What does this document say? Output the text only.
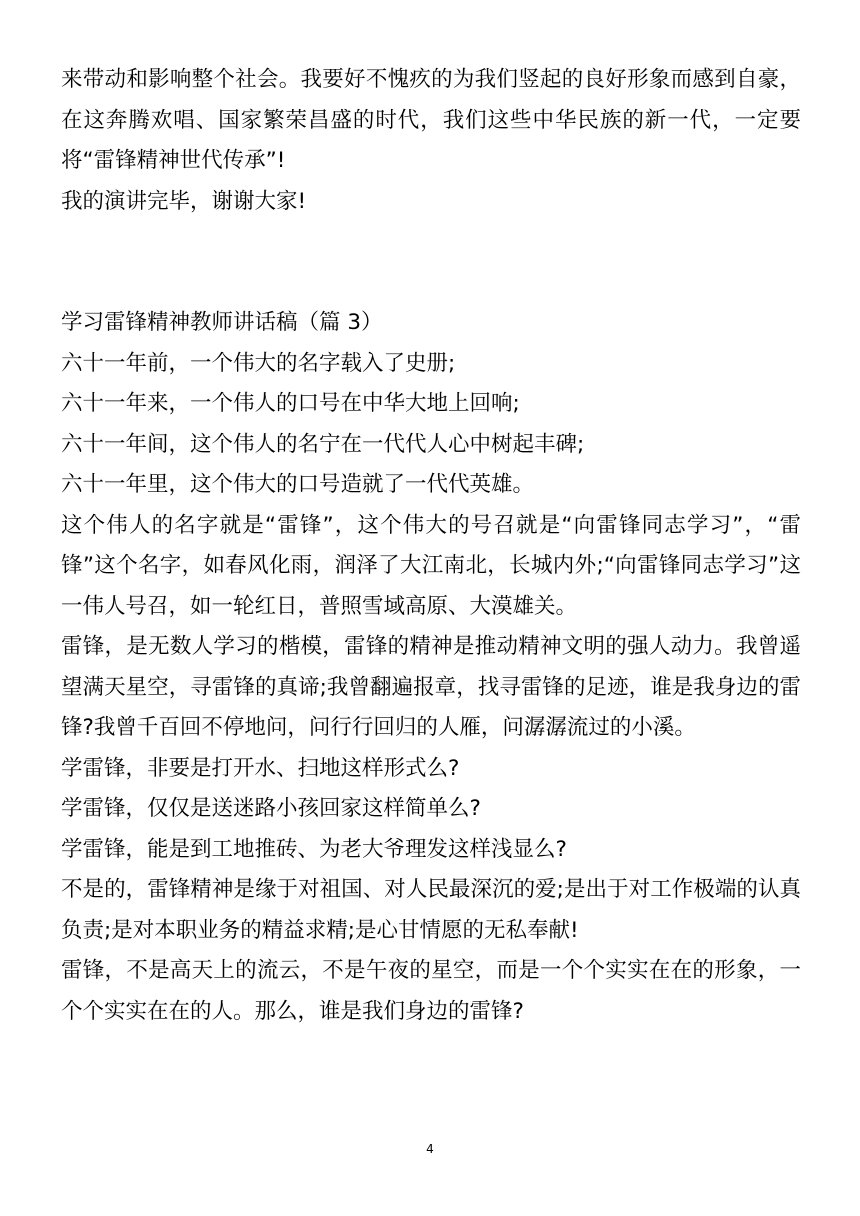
来带动和影响整个社会。我要好不愧疚的为我们竖起的良好形象而感到自豪，在这奔腾欢唱、国家繁荣昌盛的时代，我们这些中华民族的新一代，一定要将“雷锋精神世代传承”!

我的演讲完毕，谢谢大家!

学习雷锋精神教师讲话稿（篇 3）

六十一年前，一个伟大的名字载入了史册;

六十一年来，一个伟人的口号在中华大地上回响;

六十一年间，这个伟人的名宁在一代代人心中树起丰碑;

六十一年里，这个伟大的口号造就了一代代英雄。

这个伟人的名字就是“雷锋”，这个伟大的号召就是“向雷锋同志学习”，“雷锋”这个名字，如春风化雨，润泽了大江南北，长城内外;“向雷锋同志学习”这一伟人号召，如一轮红日，普照雪域高原、大漠雄关。

雷锋，是无数人学习的楷模，雷锋的精神是推动精神文明的强人动力。我曾遥望满天星空，寻雷锋的真谛;我曾翻遍报章，找寻雷锋的足迹，谁是我身边的雷锋?我曾千百回不停地问，问行行回归的人雁，问潺潺流过的小溪。

学雷锋，非要是打开水、扫地这样形式么?

学雷锋，仅仅是送迷路小孩回家这样简单么?

学雷锋，能是到工地推砖、为老大爷理发这样浅显么?

不是的，雷锋精神是缘于对祖国、对人民最深沉的爱;是出于对工作极端的认真负责;是对本职业务的精益求精;是心甘情愿的无私奉献!

雷锋，不是高天上的流云，不是午夜的星空，而是一个个实实在在的形象，一个个实实在在的人。那么，谁是我们身边的雷锋?

4
